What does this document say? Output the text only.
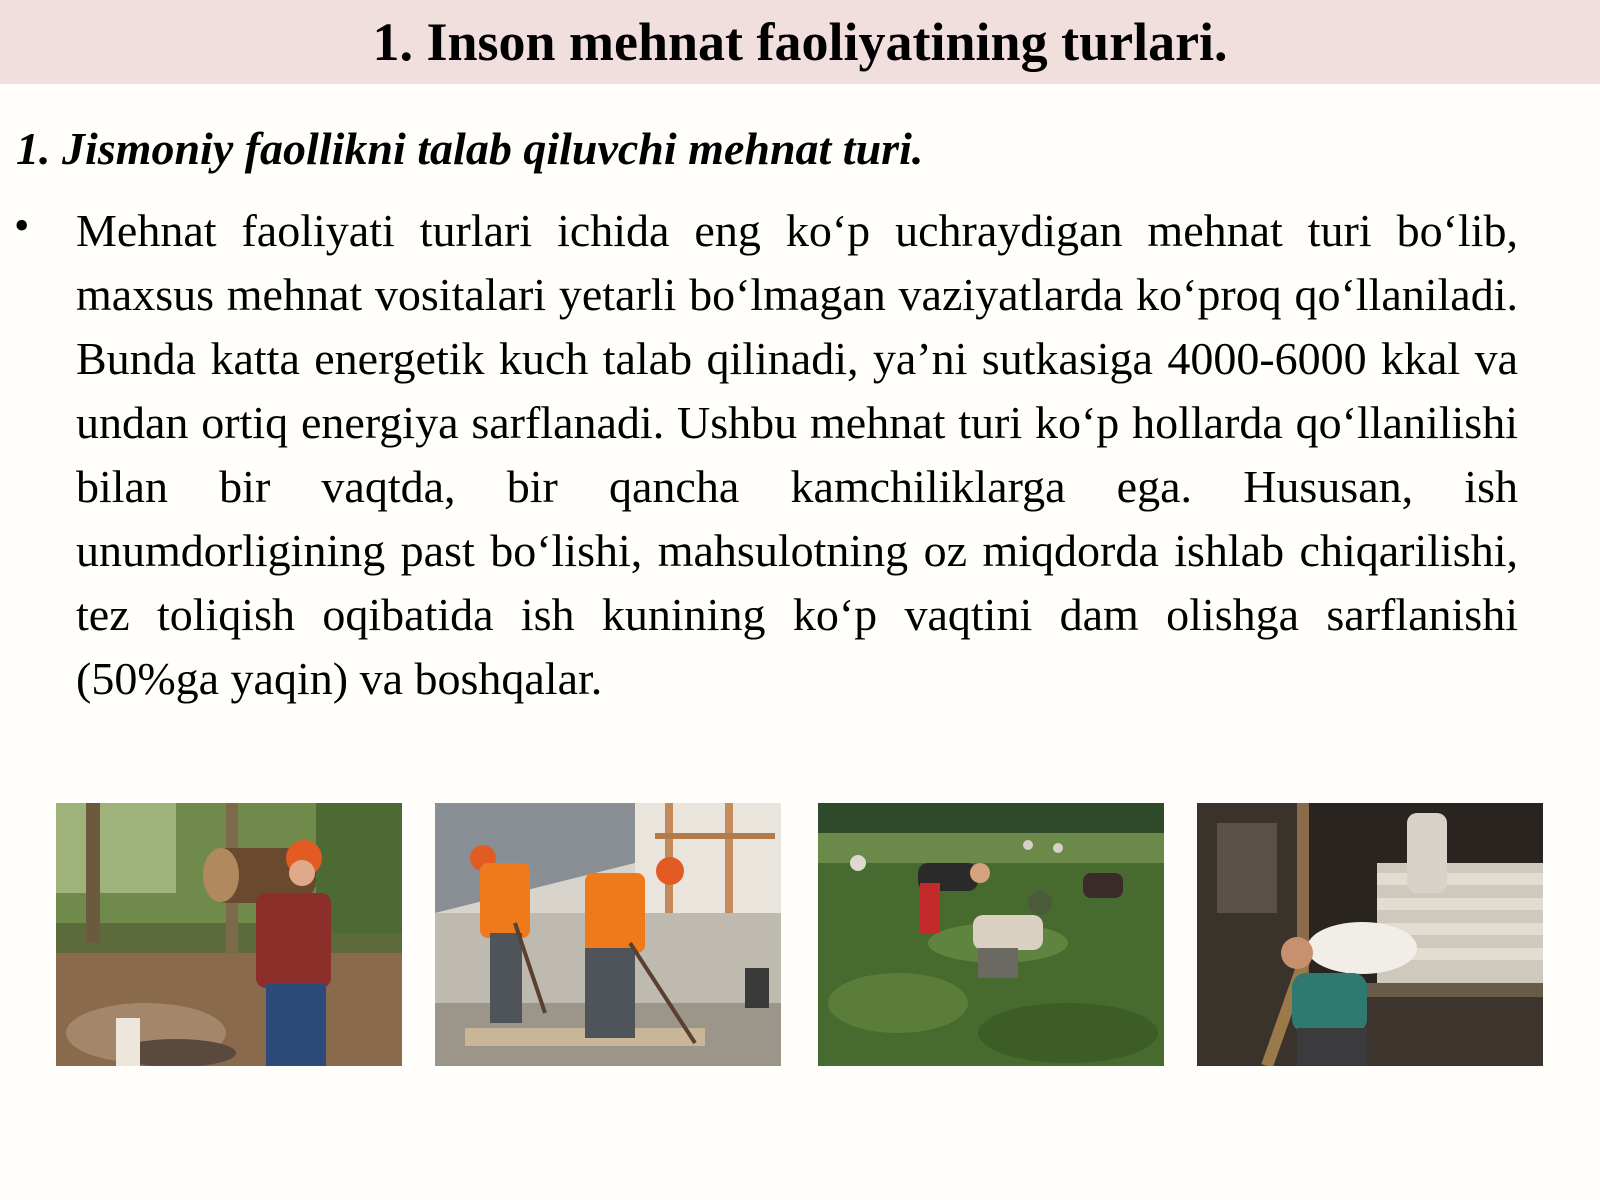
1. Inson mehnat faoliyatining turlari.
1. Jismoniy faollikni talab qiluvchi mehnat turi.
• Mehnat faoliyati turlari ichida eng ko‘p uchraydigan mehnat turi bo‘lib, maxsus mehnat vositalari yetarli bo‘lmagan vaziyatlarda ko‘proq qo‘llaniladi. Bunda katta energetik kuch talab qilinadi, ya’ni sutkasiga 4000-6000 kkal va undan ortiq energiya sarflanadi. Ushbu mehnat turi ko‘p hollarda qo‘llanilishi bilan bir vaqtda, bir qancha kamchiliklarga ega. Hususan, ish unumdorligining past bo‘lishi, mahsulotning oz miqdorda ishlab chiqarilishi, tez toliqish oqibatida ish kunining ko‘p vaqtini dam olishga sarflanishi (50%ga yaqin) va boshqalar.
